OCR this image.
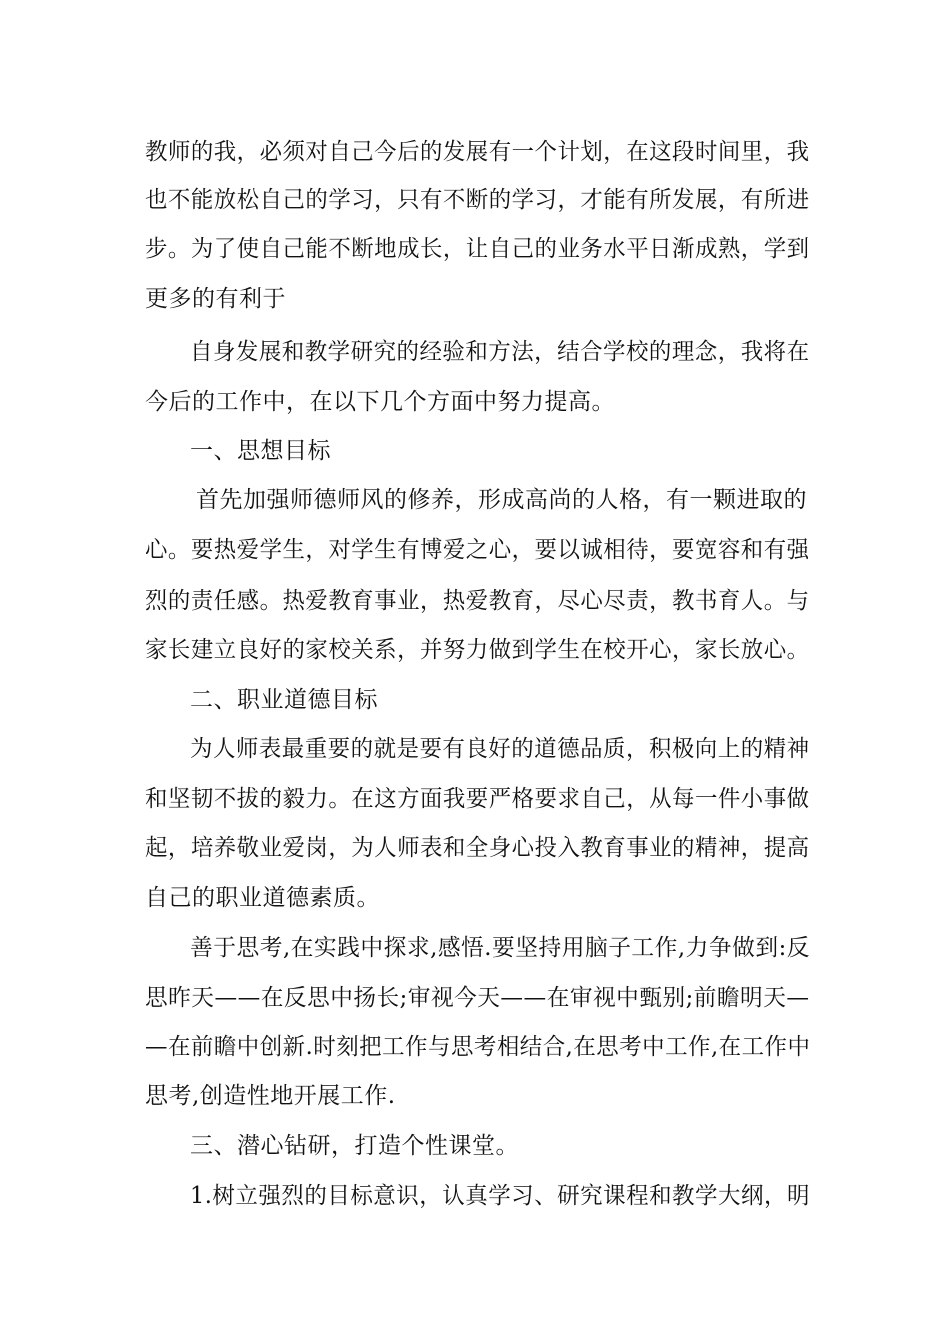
教师的我，必须对自己今后的发展有一个计划，在这段时间里，我
也不能放松自己的学习，只有不断的学习，才能有所发展，有所进
步。为了使自己能不断地成长，让自己的业务水平日渐成熟，学到
更多的有利于
自身发展和教学研究的经验和方法，结合学校的理念，我将在
今后的工作中，在以下几个方面中努力提高。
一、思想目标
首先加强师德师风的修养，形成高尚的人格，有一颗进取的
心。要热爱学生，对学生有博爱之心，要以诚相待，要宽容和有强
烈的责任感。热爱教育事业，热爱教育，尽心尽责，教书育人。与
家长建立良好的家校关系，并努力做到学生在校开心，家长放心。
二、职业道德目标
为人师表最重要的就是要有良好的道德品质，积极向上的精神
和坚韧不拔的毅力。在这方面我要严格要求自己，从每一件小事做
起，培养敬业爱岗，为人师表和全身心投入教育事业的精神，提高
自己的职业道德素质。
善于思考,在实践中探求,感悟.要坚持用脑子工作,力争做到:反
思昨天——在反思中扬长;审视今天——在审视中甄别;前瞻明天—
—在前瞻中创新.时刻把工作与思考相结合,在思考中工作,在工作中
思考,创造性地开展工作.
三、潜心钻研，打造个性课堂。
1.树立强烈的目标意识，认真学习、研究课程和教学大纲，明
